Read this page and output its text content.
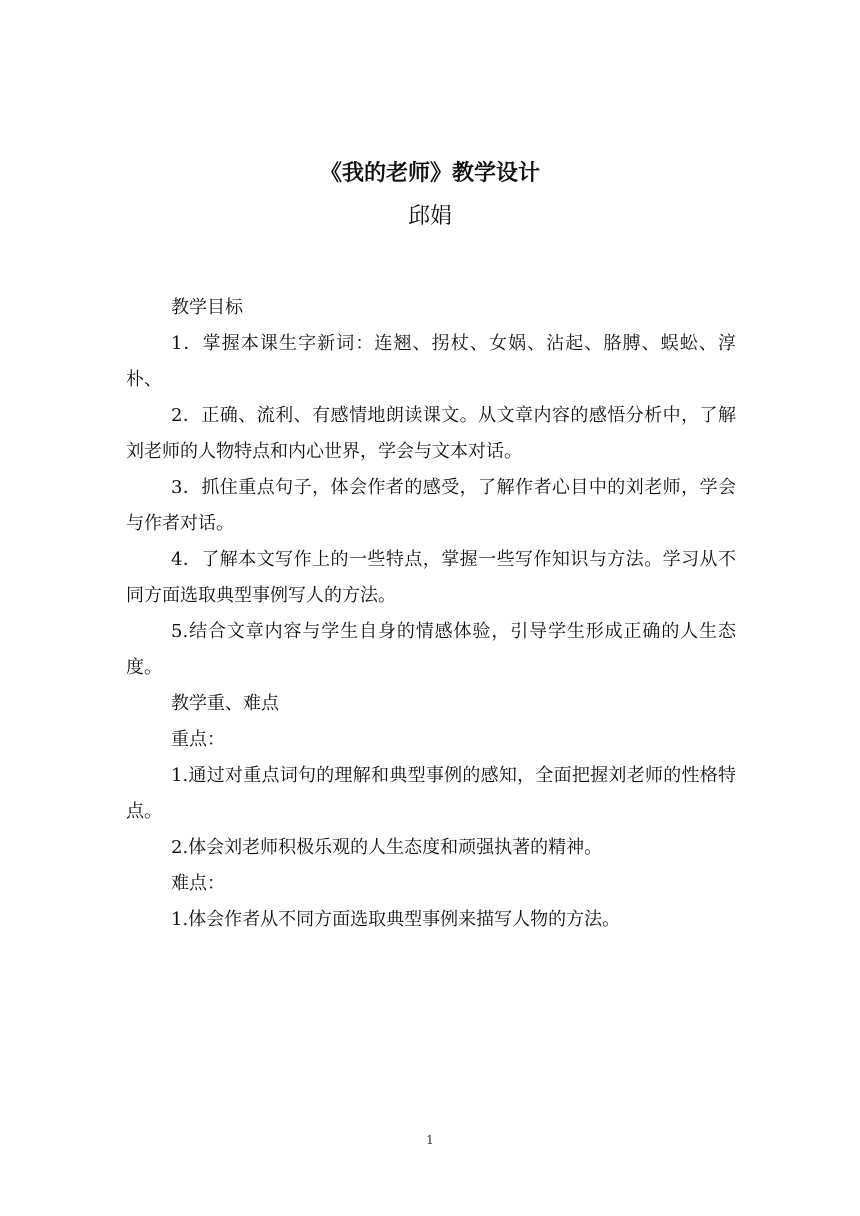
《我的老师》教学设计
邱娟

教学目标

1．掌握本课生字新词：连翘、拐杖、女娲、沾起、胳膊、蜈蚣、淳朴、

2．正确、流利、有感情地朗读课文。从文章内容的感悟分析中，了解刘老师的人物特点和内心世界，学会与文本对话。

3．抓住重点句子，体会作者的感受，了解作者心目中的刘老师，学会与作者对话。

4．了解本文写作上的一些特点，掌握一些写作知识与方法。学习从不同方面选取典型事例写人的方法。

5.结合文章内容与学生自身的情感体验，引导学生形成正确的人生态度。

教学重、难点

重点：

1.通过对重点词句的理解和典型事例的感知，全面把握刘老师的性格特点。

2.体会刘老师积极乐观的人生态度和顽强执著的精神。

难点：

1.体会作者从不同方面选取典型事例来描写人物的方法。

1
